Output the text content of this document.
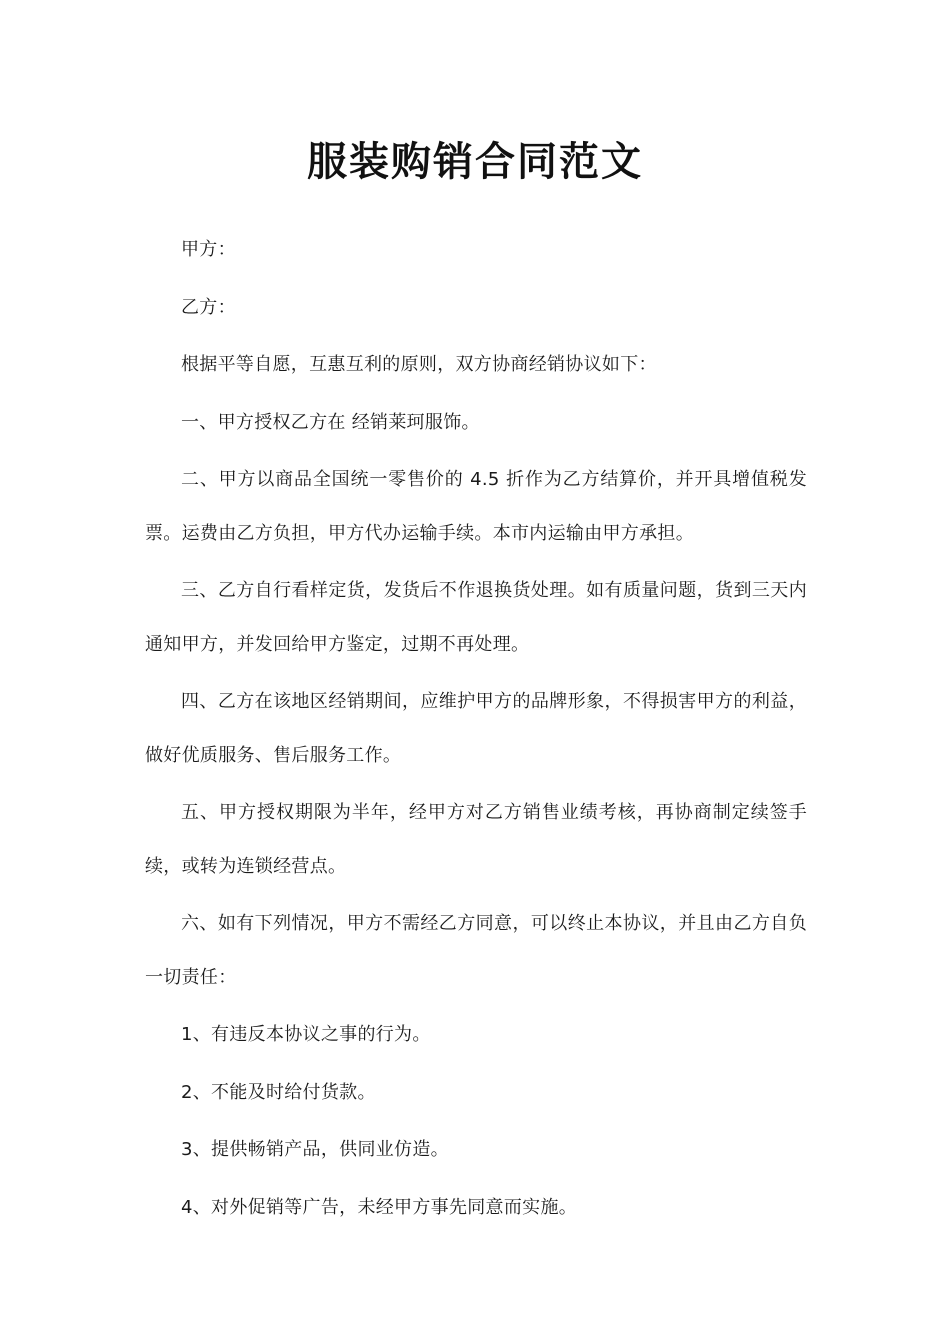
服装购销合同范文

甲方：

乙方：

根据平等自愿，互惠互利的原则，双方协商经销协议如下：

一、甲方授权乙方在 经销莱珂服饰。

二、甲方以商品全国统一零售价的 4.5 折作为乙方结算价，并开具增值税发票。运费由乙方负担，甲方代办运输手续。本市内运输由甲方承担。

三、乙方自行看样定货，发货后不作退换货处理。如有质量问题，货到三天内通知甲方，并发回给甲方鉴定，过期不再处理。

四、乙方在该地区经销期间，应维护甲方的品牌形象，不得损害甲方的利益，做好优质服务、售后服务工作。

五、甲方授权期限为半年，经甲方对乙方销售业绩考核，再协商制定续签手续，或转为连锁经营点。

六、如有下列情况，甲方不需经乙方同意，可以终止本协议，并且由乙方自负一切责任：

1、有违反本协议之事的行为。

2、不能及时给付货款。

3、提供畅销产品，供同业仿造。

4、对外促销等广告，未经甲方事先同意而实施。
